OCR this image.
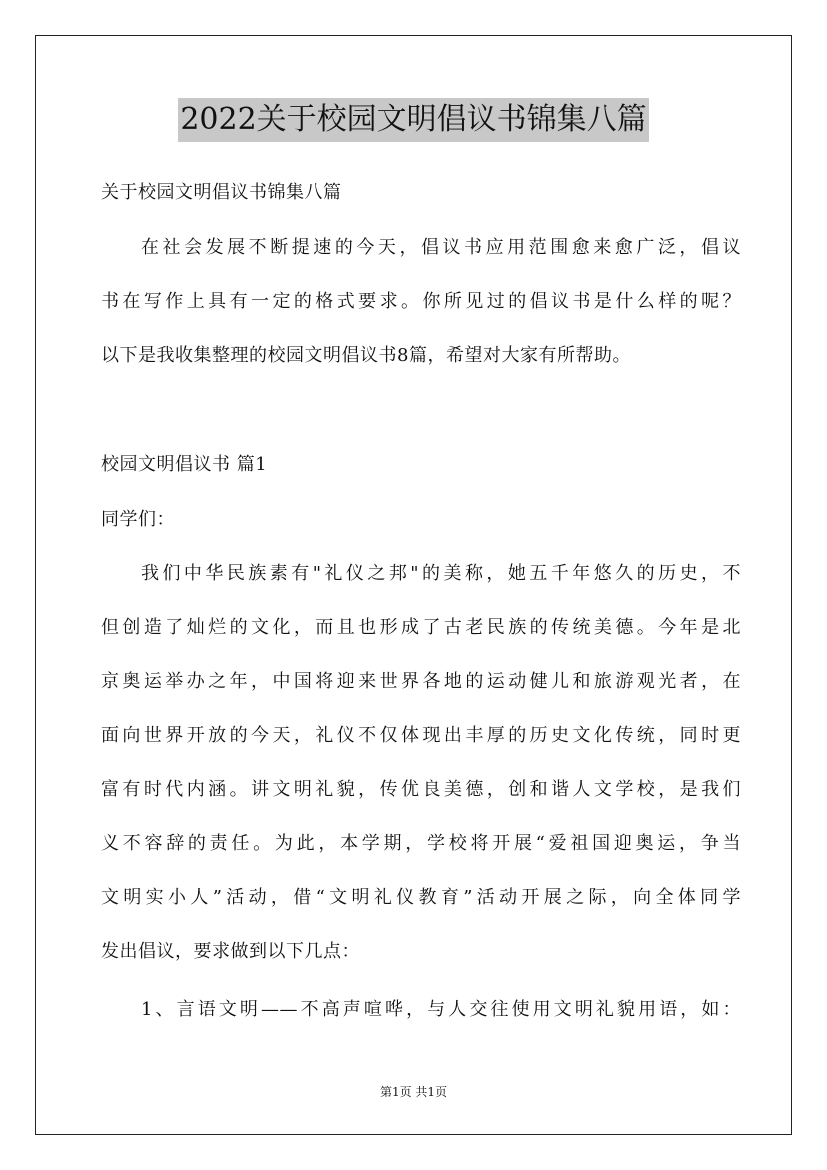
2022关于校园文明倡议书锦集八篇
关于校园文明倡议书锦集八篇
在社会发展不断提速的今天，倡议书应用范围愈来愈广泛，倡议
书在写作上具有一定的格式要求。你所见过的倡议书是什么样的呢？
以下是我收集整理的校园文明倡议书8篇，希望对大家有所帮助。
校园文明倡议书 篇1
同学们：
我们中华民族素有"礼仪之邦"的美称，她五千年悠久的历史，不
但创造了灿烂的文化，而且也形成了古老民族的传统美德。今年是北
京奥运举办之年，中国将迎来世界各地的运动健儿和旅游观光者，在
面向世界开放的今天，礼仪不仅体现出丰厚的历史文化传统，同时更
富有时代内涵。讲文明礼貌，传优良美德，创和谐人文学校，是我们
义不容辞的责任。为此，本学期，学校将开展“爱祖国迎奥运，争当
文明实小人”活动，借“文明礼仪教育”活动开展之际，向全体同学
发出倡议，要求做到以下几点：
1、言语文明——不高声喧哗，与人交往使用文明礼貌用语，如：
第1页 共1页
